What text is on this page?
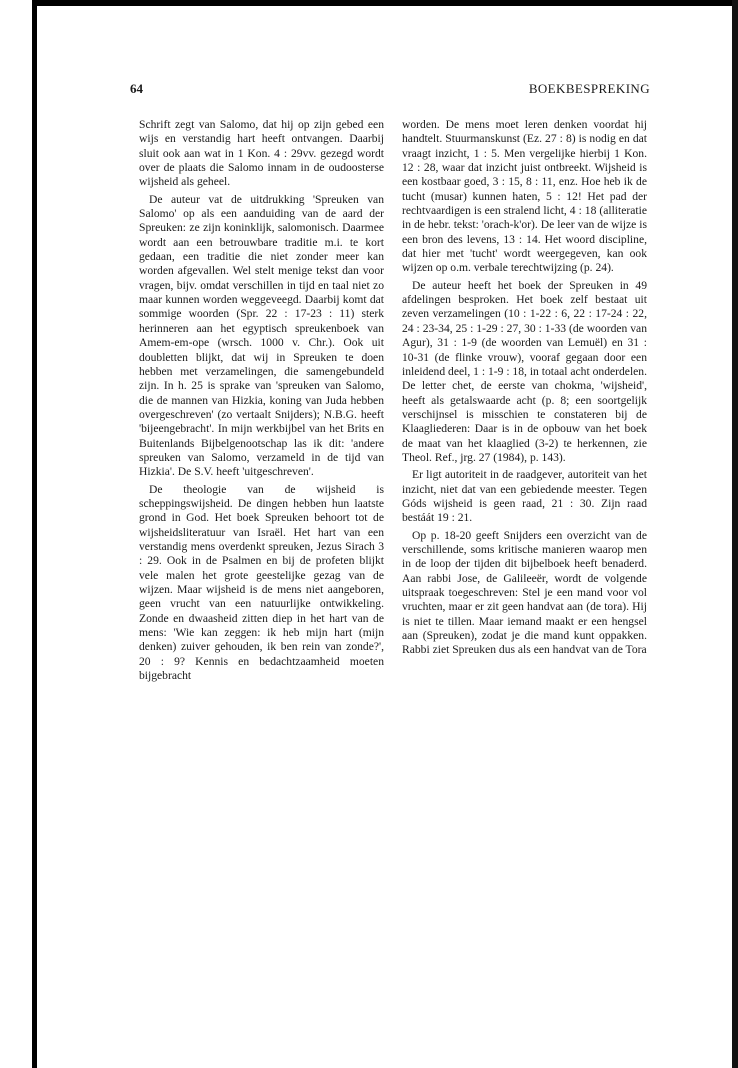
64	BOEKBESPREKING

Schrift zegt van Salomo, dat hij op zijn gebed een wijs en verstandig hart heeft ontvangen. Daarbij sluit ook aan wat in 1 Kon. 4 : 29vv. gezegd wordt over de plaats die Salomo innam in de oudoosterse wijsheid als geheel.

De auteur vat de uitdrukking 'Spreuken van Salomo' op als een aanduiding van de aard der Spreuken: ze zijn koninklijk, salomonisch. Daarmee wordt aan een betrouwbare traditie m.i. te kort gedaan, een traditie die niet zonder meer kan worden afgevallen. Wel stelt menige tekst dan voor vragen, bijv. omdat verschillen in tijd en taal niet zo maar kunnen worden weggeveegd. Daarbij komt dat sommige woorden (Spr. 22 : 17-23 : 11) sterk herinneren aan het egyptisch spreukenboek van Amem-em-ope (wrsch. 1000 v. Chr.). Ook uit doubletten blijkt, dat wij in Spreuken te doen hebben met verzamelingen, die samengebundeld zijn. In h. 25 is sprake van 'spreuken van Salomo, die de mannen van Hizkia, koning van Juda hebben overgeschreven' (zo vertaalt Snijders); N.B.G. heeft 'bijeengebracht'. In mijn werkbijbel van het Brits en Buitenlands Bijbelgenootschap las ik dit: 'andere spreuken van Salomo, verzameld in de tijd van Hizkia'. De S.V. heeft 'uitgeschreven'.

De theologie van de wijsheid is scheppingswijsheid. De dingen hebben hun laatste grond in God. Het boek Spreuken behoort tot de wijsheidsliteratuur van Israël. Het hart van een verstandig mens overdenkt spreuken, Jezus Sirach 3 : 29. Ook in de Psalmen en bij de profeten blijkt vele malen het grote geestelijke gezag van de wijzen. Maar wijsheid is de mens niet aangeboren, geen vrucht van een natuurlijke ontwikkeling. Zonde en dwaasheid zitten diep in het hart van de mens: 'Wie kan zeggen: ik heb mijn hart (mijn denken) zuiver gehouden, ik ben rein van zonde?', 20 : 9? Kennis en bedachtzaamheid moeten bijgebracht

worden. De mens moet leren denken voordat hij handtelt. Stuurmanskunst (Ez. 27 : 8) is nodig en dat vraagt inzicht, 1 : 5. Men vergelijke hierbij 1 Kon. 12 : 28, waar dat inzicht juist ontbreekt. Wijsheid is een kostbaar goed, 3 : 15, 8 : 11, enz. Hoe heb ik de tucht (musar) kunnen haten, 5 : 12! Het pad der rechtvaardigen is een stralend licht, 4 : 18 (alliteratie in de hebr. tekst: 'orach-k'or). De leer van de wijze is een bron des levens, 13 : 14. Het woord discipline, dat hier met 'tucht' wordt weergegeven, kan ook wijzen op o.m. verbale terechtwijzing (p. 24).

De auteur heeft het boek der Spreuken in 49 afdelingen besproken. Het boek zelf bestaat uit zeven verzamelingen (10 : 1-22 : 6, 22 : 17-24 : 22, 24 : 23-34, 25 : 1-29 : 27, 30 : 1-33 (de woorden van Agur), 31 : 1-9 (de woorden van Lemuël) en 31 : 10-31 (de flinke vrouw), vooraf gegaan door een inleidend deel, 1 : 1-9 : 18, in totaal acht onderdelen. De letter chet, de eerste van chokma, 'wijsheid', heeft als getalswaarde acht (p. 8; een soortgelijk verschijnsel is misschien te constateren bij de Klaagliederen: Daar is in de opbouw van het boek de maat van het klaaglied (3-2) te herkennen, zie Theol. Ref., jrg. 27 (1984), p. 143).

Er ligt autoriteit in de raadgever, autoriteit van het inzicht, niet dat van een gebiedende meester. Tegen Góds wijsheid is geen raad, 21 : 30. Zijn raad bestáát 19 : 21.

Op p. 18-20 geeft Snijders een overzicht van de verschillende, soms kritische manieren waarop men in de loop der tijden dit bijbelboek heeft benaderd. Aan rabbi Jose, de Galileeër, wordt de volgende uitspraak toegeschreven: Stel je een mand voor vol vruchten, maar er zit geen handvat aan (de tora). Hij is niet te tillen. Maar iemand maakt er een hengsel aan (Spreuken), zodat je die mand kunt oppakken. Rabbi ziet Spreuken dus als een handvat van de Tora
